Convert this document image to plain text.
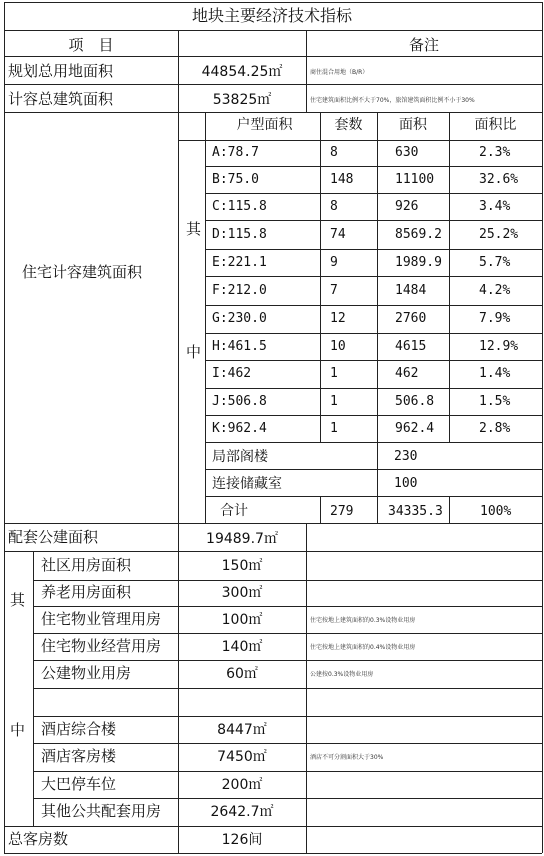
地块主要经济技术指标
项　目	备注
规划总用地面积	44854.25㎡	商住混合用地（B/R）
计容总建筑面积	53825㎡	住宅建筑面积比例不大于70%，旅馆建筑面积比例不小于30%
住宅计容建筑面积
其
中
户型面积	套数	面积	面积比
A:78.7	8	630	2.3%
B:75.0	148	11100	32.6%
C:115.8	8	926	3.4%
D:115.8	74	8569.2	25.2%
E:221.1	9	1989.9	5.7%
F:212.0	7	1484	4.2%
G:230.0	12	2760	7.9%
H:461.5	10	4615	12.9%
I:462	1	462	1.4%
J:506.8	1	506.8	1.5%
K:962.4	1	962.4	2.8%
局部阁楼	230
连接储藏室	100
合计	279	34335.3	100%
配套公建面积	19489.7㎡
其
中
社区用房面积	150㎡
养老用房面积	300㎡
住宅物业管理用房	100㎡	住宅按地上建筑面积的0.3%设物业用房
住宅物业经营用房	140㎡	住宅按地上建筑面积的0.4%设物业用房
公建物业用房	60㎡	公建按0.3%设物业用房
酒店综合楼	8447㎡
酒店客房楼	7450㎡	酒店不可分割面积大于30%
大巴停车位	200㎡
其他公共配套用房	2642.7㎡
总客房数	126间
